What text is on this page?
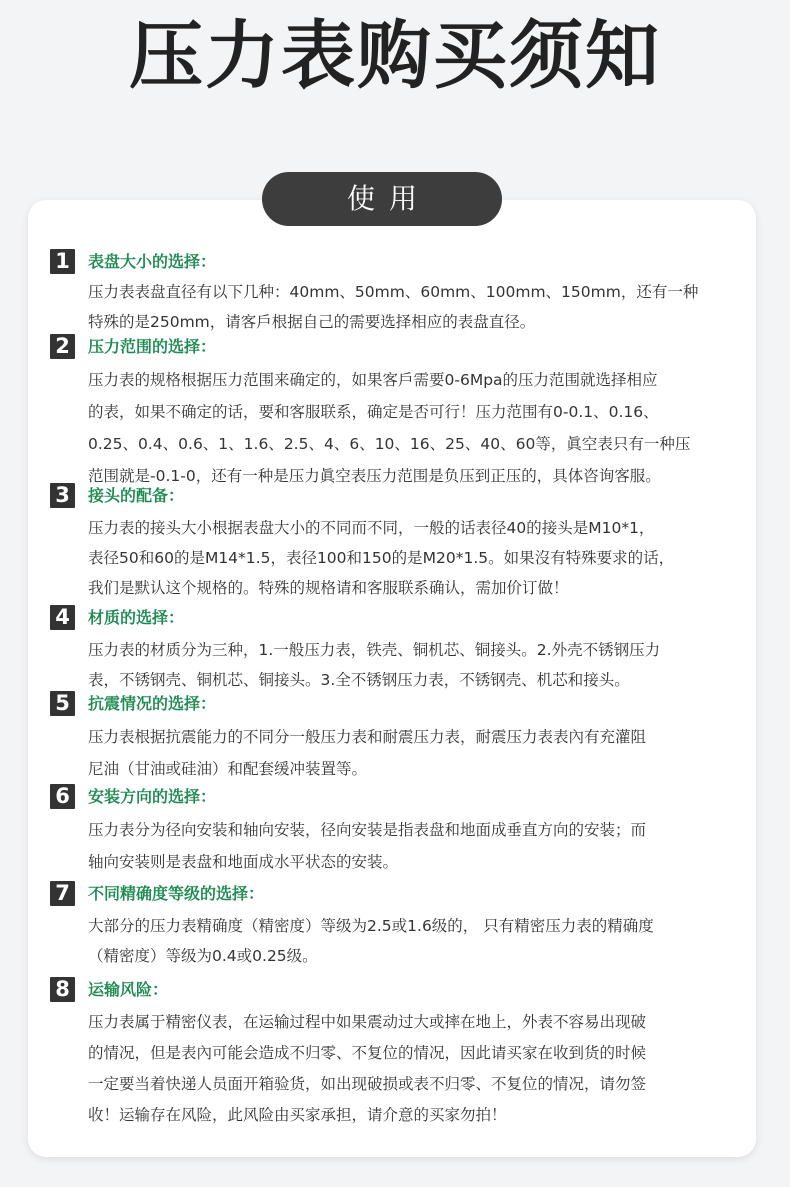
压力表购买须知
使用
1	表盘大小的选择：
压力表表盘直径有以下几种：40mm、50mm、60mm、100mm、150mm，还有一种
特殊的是250mm，请客戶根据自己的需要选择相应的表盘直径。
2	压力范围的选择：
压力表的规格根据压力范围来确定的，如果客戶需要0-6Mpa的压力范围就选择相应
的表，如果不确定的话，要和客服联系，确定是否可行！压力范围有0-0.1、0.16、
0.25、0.4、0.6、1、1.6、2.5、4、6、10、16、25、40、60等，眞空表只有一种压
范围就是-0.1-0，还有一种是压力眞空表压力范围是负压到正压的，具体咨询客服。
3	接头的配备：
压力表的接头大小根据表盘大小的不同而不同，一般的话表径40的接头是M10*1，
表径50和60的是M14*1.5，表径100和150的是M20*1.5。如果沒有特殊要求的话，
我们是默认这个规格的。特殊的规格请和客服联系确认，需加价订做！
4	材质的选择：
压力表的材质分为三种，1.一般压力表，铁壳、铜机芯、铜接头。2.外壳不锈钢压力
表，不锈钢壳、铜机芯、铜接头。3.全不锈钢压力表，不锈钢壳、机芯和接头。
5	抗震情况的选择：
压力表根据抗震能力的不同分一般压力表和耐震压力表，耐震压力表表內有充灌阻
尼油（甘油或硅油）和配套缓冲装置等。
6	安装方向的选择：
压力表分为径向安装和轴向安装，径向安装是指表盘和地面成垂直方向的安装；而
轴向安装则是表盘和地面成水平状态的安装。
7	不同精确度等级的选择：
大部分的压力表精确度（精密度）等级为2.5或1.6级的， 只有精密压力表的精确度
（精密度）等级为0.4或0.25级。
8	运输风险：
压力表属于精密仪表，在运输过程中如果震动过大或摔在地上，外表不容易出现破
的情况，但是表內可能会造成不归零、不复位的情况，因此请买家在收到货的时候
一定要当着快递人员面开箱验货，如出现破损或表不归零、不复位的情况，请勿签
收！运输存在风险，此风险由买家承担，请介意的买家勿拍！
